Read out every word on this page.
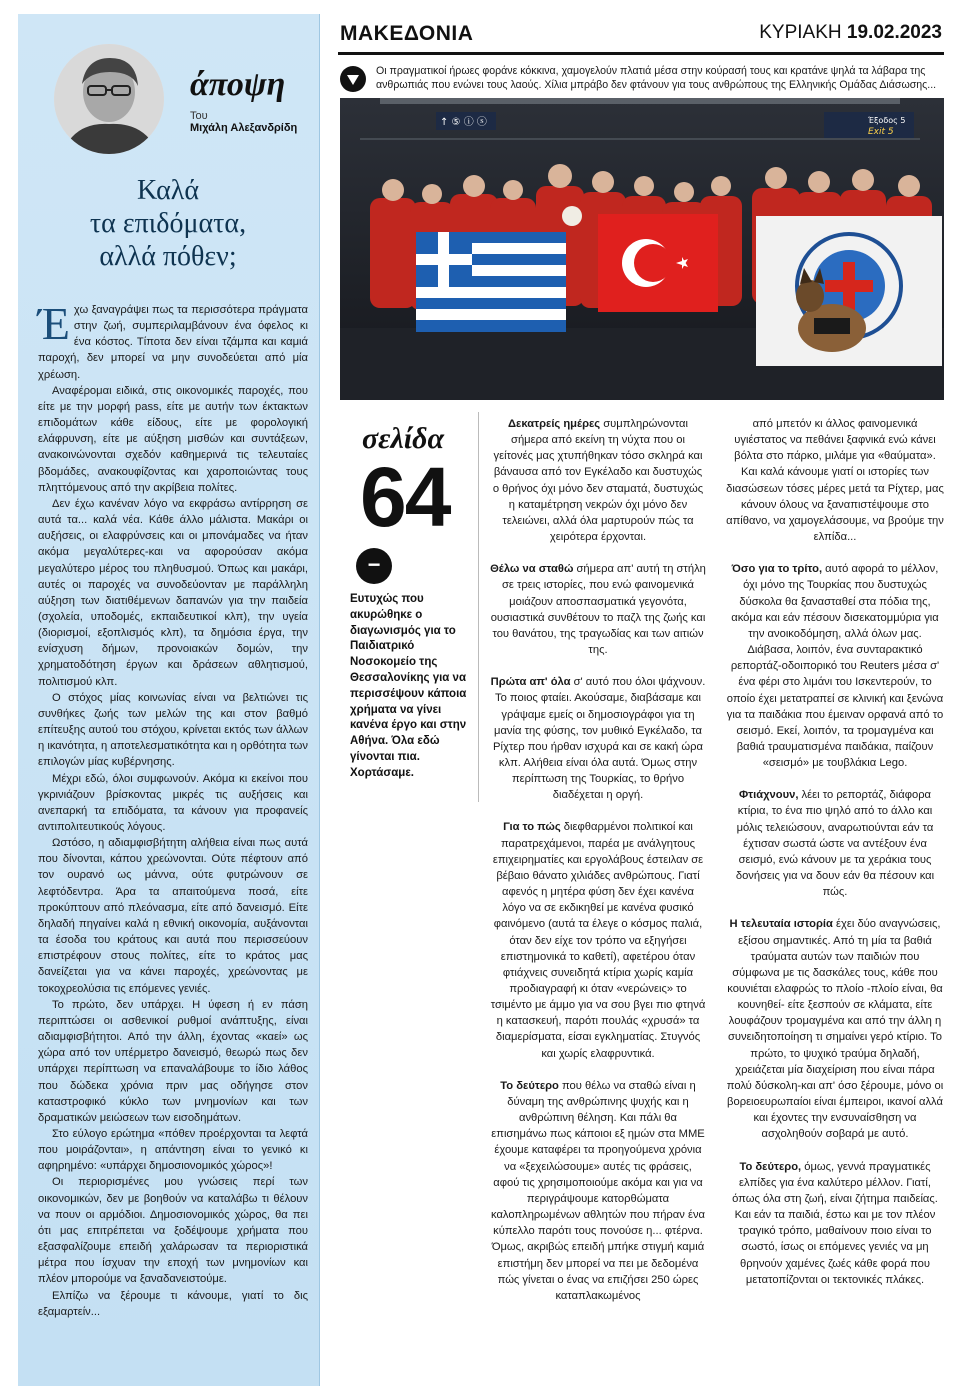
άποψη
Του
Μιχάλη Αλεξανδρίδη
Καλά
τα επιδόματα,
αλλά πόθεν;

Έχω ξαναγράψει πως τα περισσότερα πράγματα στην ζωή, συμπεριλαμβάνουν ένα όφελος κι ένα κόστος. Τίποτα δεν είναι τζάμπα και καμιά παροχή, δεν μπορεί να μην συνοδεύεται από μία χρέωση.

Αναφέρομαι ειδικά, στις οικονομικές παροχές, που είτε με την μορφή pass, είτε με αυτήν των έκτακτων επιδομάτων κάθε είδους, είτε με φορολογική ελάφρυνση, είτε με αύξηση μισθών και συντάξεων, ανακοινώνονται σχεδόν καθημερινά τις τελευταίες βδομάδες, ανακουφίζοντας και χαροποιώντας τους πληττόμενους από την ακρίβεια πολίτες.

Δεν έχω κανέναν λόγο να εκφράσω αντίρρηση σε αυτά τα... καλά νέα. Κάθε άλλο μάλιστα. Μακάρι οι αυξήσεις, οι ελαφρύνσεις και οι μπονάμαδες να ήταν ακόμα μεγαλύτερες-και να αφορούσαν ακόμα μεγαλύτερο μέρος του πληθυσμού. Όπως και μακάρι, αυτές οι παροχές να συνοδεύονταν με παράλληλη αύξηση των διατιθέμενων δαπανών για την παιδεία (σχολεία, υποδομές, εκπαιδευτικοί κλπ), την υγεία (διορισμοί, εξοπλισμός κλπ), τα δημόσια έργα, την ενίσχυση δήμων, προνοιακών δομών, την χρηματοδότηση έργων και δράσεων αθλητισμού, πολιτισμού κλπ.

Ο στόχος μίας κοινωνίας είναι να βελτιώνει τις συνθήκες ζωής των μελών της και στον βαθμό επίτευξης αυτού του στόχου, κρίνεται εκτός των άλλων η ικανότητα, η αποτελεσματικότητα και η ορθότητα των επιλογών μίας κυβέρνησης.

Μέχρι εδώ, όλοι συμφωνούν. Ακόμα κι εκείνοι που γκρινιάζουν βρίσκοντας μικρές τις αυξήσεις και ανεπαρκή τα επιδόματα, τα κάνουν για προφανείς αντιπολιτευτικούς λόγους.

Ωστόσο, η αδιαμφισβήτητη αλήθεια είναι πως αυτά που δίνονται, κάπου χρεώνονται. Ούτε πέφτουν από τον ουρανό ως μάννα, ούτε φυτρώνουν σε λεφτόδεντρα. Άρα τα απαιτούμενα ποσά, είτε προκύπτουν από πλεόνασμα, είτε από δανεισμό. Είτε δηλαδή πηγαίνει καλά η εθνική οικονομία, αυξάνονται τα έσοδα του κράτους και αυτά που περισσεύουν επιστρέφουν στους πολίτες, είτε το κράτος μας δανείζεται για να κάνει παροχές, χρεώνοντας με τοκοχρεολύσια τις επόμενες γενιές.

Το πρώτο, δεν υπάρχει. Η ύφεση ή εν πάση περιπτώσει οι ασθενικοί ρυθμοί ανάπτυξης, είναι αδιαμφισβήτητοι. Από την άλλη, έχοντας «καεί» ως χώρα από τον υπέρμετρο δανεισμό, θεωρώ πως δεν υπάρχει περίπτωση να επαναλάβουμε το ίδιο λάθος που δώδεκα χρόνια πριν μας οδήγησε στον καταστροφικό κύκλο των μνημονίων και των δραματικών μειώσεων των εισοδημάτων.

Στο εύλογο ερώτημα «πόθεν προέρχονται τα λεφτά που μοιράζονται», η απάντηση είναι το γενικό κι αφηρημένο: «υπάρχει δημοσιονομικός χώρος»!

Οι περιορισμένες μου γνώσεις περί των οικονομικών, δεν με βοηθούν να καταλάβω τι θέλουν να πουν οι αρμόδιοι. Δημοσιονομικός χώρος, θα πει ότι μας επιτρέπεται να ξοδέψουμε χρήματα που εξασφαλίζουμε επειδή χαλάρωσαν τα περιοριστικά μέτρα που ίσχυαν την εποχή των μνημονίων και πλέον μπορούμε να ξαναδανειστούμε.

Ελπίζω να ξέρουμε τι κάνουμε, γιατί το δις εξαμαρτείν...

ΜΑΚΕΔΟΝΙΑ	ΚΥΡΙΑΚΗ 19.02.2023
Οι πραγματικοί ήρωες φοράνε κόκκινα, χαμογελούν πλατιά μέσα στην κούρασή τους και κρατάνε ψηλά τα λάβαρα της ανθρωπιάς που ενώνει τους λαούς. Χίλια μπράβο δεν φτάνουν για τους ανθρώπους της Ελληνικής Ομάδας Διάσωσης...
↑ ⑤ ⓘ ⓢ	Έξοδος 5
Exit 5
σελίδα
64
−
Ευτυχώς που ακυρώθηκε ο διαγωνισμός για το Παιδιατρικό Νοσοκομείο της Θεσσαλονίκης για να περισσέψουν κάποια χρήματα να γίνει κανένα έργο και στην Αθήνα. Όλα εδώ γίνονται πια. Χορτάσαμε.

Δεκατρείς ημέρες συμπληρώνονται σήμερα από εκείνη τη νύχτα που οι γείτονές μας χτυπήθηκαν τόσο σκληρά και βάναυσα από τον Εγκέλαδο και δυστυχώς ο θρήνος όχι μόνο δεν σταματά, δυστυχώς η καταμέτρηση νεκρών όχι μόνο δεν τελειώνει, αλλά όλα μαρτυρούν πώς τα χειρότερα έρχονται.

Θέλω να σταθώ σήμερα απ' αυτή τη στήλη σε τρεις ιστορίες, που ενώ φαινομενικά μοιάζουν αποσπασματικά γεγονότα, ουσιαστικά συνθέτουν το παζλ της ζωής και του θανάτου, της τραγωδίας και των αιτιών της.

Πρώτα απ' όλα σ' αυτό που όλοι ψάχνουν. Το ποιος φταίει. Ακούσαμε, διαβάσαμε και γράψαμε εμείς οι δημοσιογράφοι για τη μανία της φύσης, τον μυθικό Εγκέλαδο, τα Ρίχτερ που ήρθαν ισχυρά και σε κακή ώρα κλπ. Αλήθεια είναι όλα αυτά. Όμως στην περίπτωση της Τουρκίας, το θρήνο διαδέχεται η οργή.

Για το πώς διεφθαρμένοι πολιτικοί και παρατρεχάμενοι, παρέα με ανάλγητους επιχειρηματίες και εργολάβους έστειλαν σε βέβαιο θάνατο χιλιάδες ανθρώπους. Γιατί αφενός η μητέρα φύση δεν έχει κανένα λόγο να σε εκδικηθεί με κανένα φυσικό φαινόμενο (αυτά τα έλεγε ο κόσμος παλιά, όταν δεν είχε τον τρόπο να εξηγήσει επιστημονικά το καθετί), αφετέρου όταν φτιάχνεις συνειδητά κτίρια χωρίς καμία προδιαγραφή κι όταν «νερώνεις» το τσιμέντο με άμμο για να σου βγει πιο φτηνά η κατασκευή, παρότι πουλάς «χρυσά» τα διαμερίσματα, είσαι εγκληματίας. Στυγνός και χωρίς ελαφρυντικά.

Το δεύτερο που θέλω να σταθώ είναι η δύναμη της ανθρώπινης ψυχής και η ανθρώπινη θέληση. Και πάλι θα επισημάνω πως κάποιοι εξ ημών στα ΜΜΕ έχουμε καταφέρει τα προηγούμενα χρόνια να «ξεχειλώσουμε» αυτές τις φράσεις, αφού τις χρησιμοποιούμε ακόμα και για να περιγράψουμε κατορθώματα καλοπληρωμένων αθλητών που πήραν ένα κύπελλο παρότι τους πονούσε η... φτέρνα. Όμως, ακριβώς επειδή μπήκε στιγμή καμιά επιστήμη δεν μπορεί να πει με δεδομένα πώς γίνεται ο ένας να επιζήσει 250 ώρες καταπλακωμένος

από μπετόν κι άλλος φαινομενικά υγιέστατος να πεθάνει ξαφνικά ενώ κάνει βόλτα στο πάρκο, μιλάμε για «θαύματα». Και καλά κάνουμε γιατί οι ιστορίες των διασώσεων τόσες μέρες μετά τα Ρίχτερ, μας κάνουν όλους να ξαναπιστέψουμε στο απίθανο, να χαμογελάσουμε, να βρούμε την ελπίδα...

Όσο για το τρίτο, αυτό αφορά το μέλλον, όχι μόνο της Τουρκίας που δυστυχώς δύσκολα θα ξανασταθεί στα πόδια της, ακόμα και εάν πέσουν δισεκατομμύρια για την ανοικοδόμηση, αλλά όλων μας. Διάβασα, λοιπόν, ένα συνταρακτικό ρεπορτάζ-οδοιπορικό του Reuters μέσα σ' ένα φέρι στο λιμάνι του Ισκεντερούν, το οποίο έχει μετατραπεί σε κλινική και ξενώνα για τα παιδάκια που έμειναν ορφανά από το σεισμό. Εκεί, λοιπόν, τα τρομαγμένα και βαθιά τραυματισμένα παιδάκια, παίζουν «σεισμό» με τουβλάκια Lego.

Φτιάχνουν, λέει το ρεπορτάζ, διάφορα κτίρια, το ένα πιο ψηλό από το άλλο και μόλις τελειώσουν, αναρωτιούνται εάν τα έχτισαν σωστά ώστε να αντέξουν ένα σεισμό, ενώ κάνουν με τα χεράκια τους δονήσεις για να δουν εάν θα πέσουν και πώς.

Η τελευταία ιστορία έχει δύο αναγνώσεις, εξίσου σημαντικές. Από τη μία τα βαθιά τραύματα αυτών των παιδιών που σύμφωνα με τις δασκάλες τους, κάθε που κουνιέται ελαφρώς το πλοίο -πλοίο είναι, θα κουνηθεί- είτε ξεσπούν σε κλάματα, είτε λουφάζουν τρομαγμένα και από την άλλη η συνειδητοποίηση τι σημαίνει γερό κτίριο. Το πρώτο, το ψυχικό τραύμα δηλαδή, χρειάζεται μία διαχείριση που είναι πάρα πολύ δύσκολη-και απ' όσο ξέρουμε, μόνο οι βορειοευρωπαίοι είναι έμπειροι, ικανοί αλλά και έχοντες την ενσυναίσθηση να ασχοληθούν σοβαρά με αυτό.

Το δεύτερο, όμως, γεννά πραγματικές ελπίδες για ένα καλύτερο μέλλον. Γιατί, όπως όλα στη ζωή, είναι ζήτημα παιδείας. Και εάν τα παιδιά, έστω και με τον πλέον τραγικό τρόπο, μαθαίνουν ποιο είναι το σωστό, ίσως οι επόμενες γενιές να μη θρηνούν χαμένες ζωές κάθε φορά που μετατοπίζονται οι τεκτονικές πλάκες.
